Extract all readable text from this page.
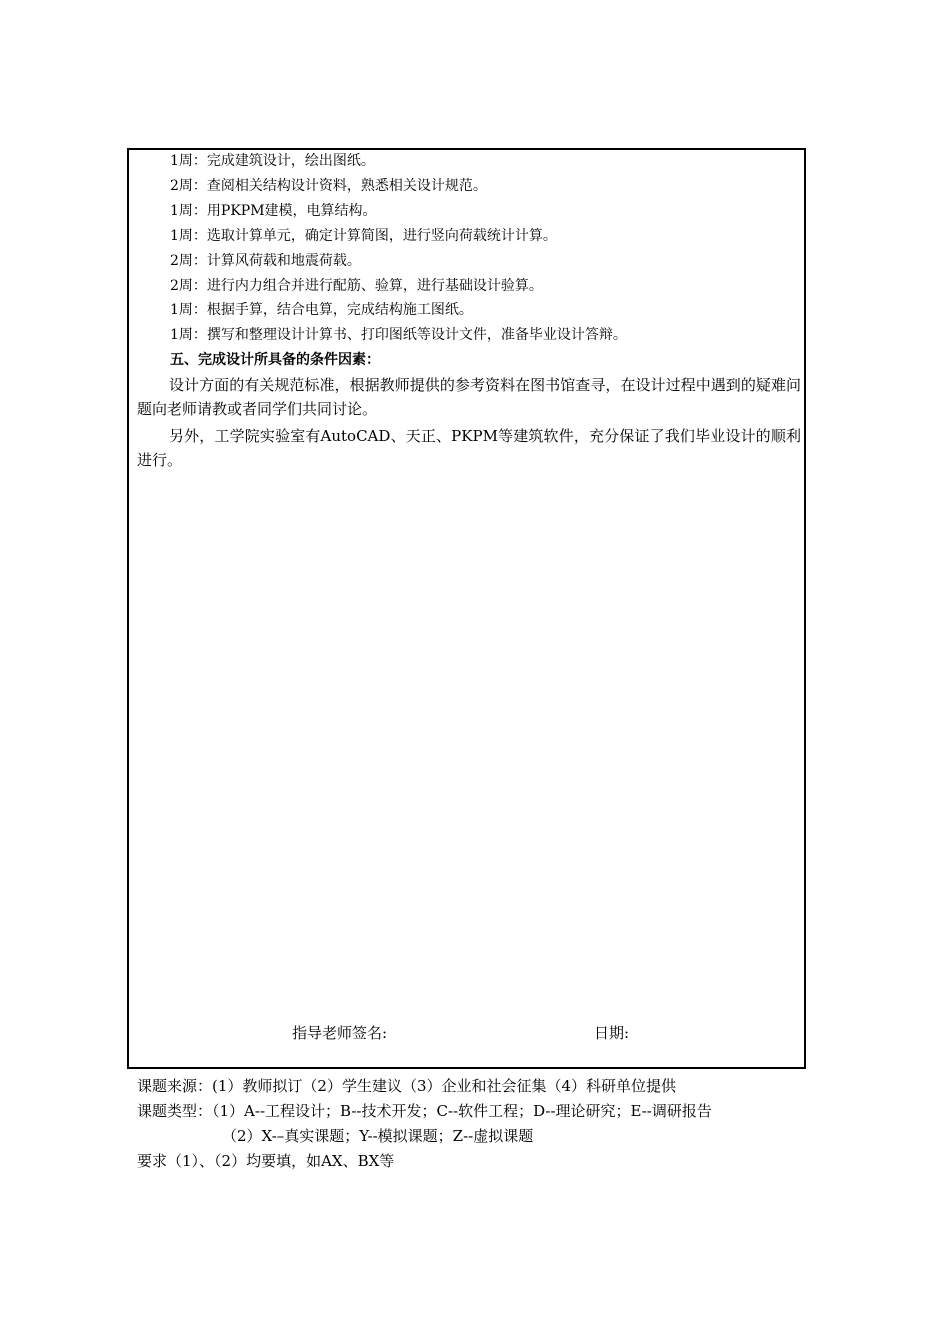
1周：完成建筑设计，绘出图纸。
2周：查阅相关结构设计资料，熟悉相关设计规范。
1周：用PKPM建模，电算结构。
1周：选取计算单元，确定计算简图，进行竖向荷载统计计算。
2周：计算风荷载和地震荷载。
2周：进行内力组合并进行配筋、验算，进行基础设计验算。
1周：根据手算，结合电算，完成结构施工图纸。
1周：撰写和整理设计计算书、打印图纸等设计文件，准备毕业设计答辩。
五、完成设计所具备的条件因素：
设计方面的有关规范标准，根据教师提供的参考资料在图书馆查寻，在设计过程中遇到的疑难问题向老师请教或者同学们共同讨论。
另外，工学院实验室有AutoCAD、天正、PKPM等建筑软件，充分保证了我们毕业设计的顺利进行。
指导老师签名:	日期:
课题来源：(1）教师拟订（2）学生建议（3）企业和社会征集（4）科研单位提供
课题类型：（1）A--工程设计；B--技术开发；C--软件工程；D--理论研究；E--调研报告
（2）X-–真实课题；Y--模拟课题；Z--虚拟课题
要求（1）、（2）均要填，如AX、BX等
